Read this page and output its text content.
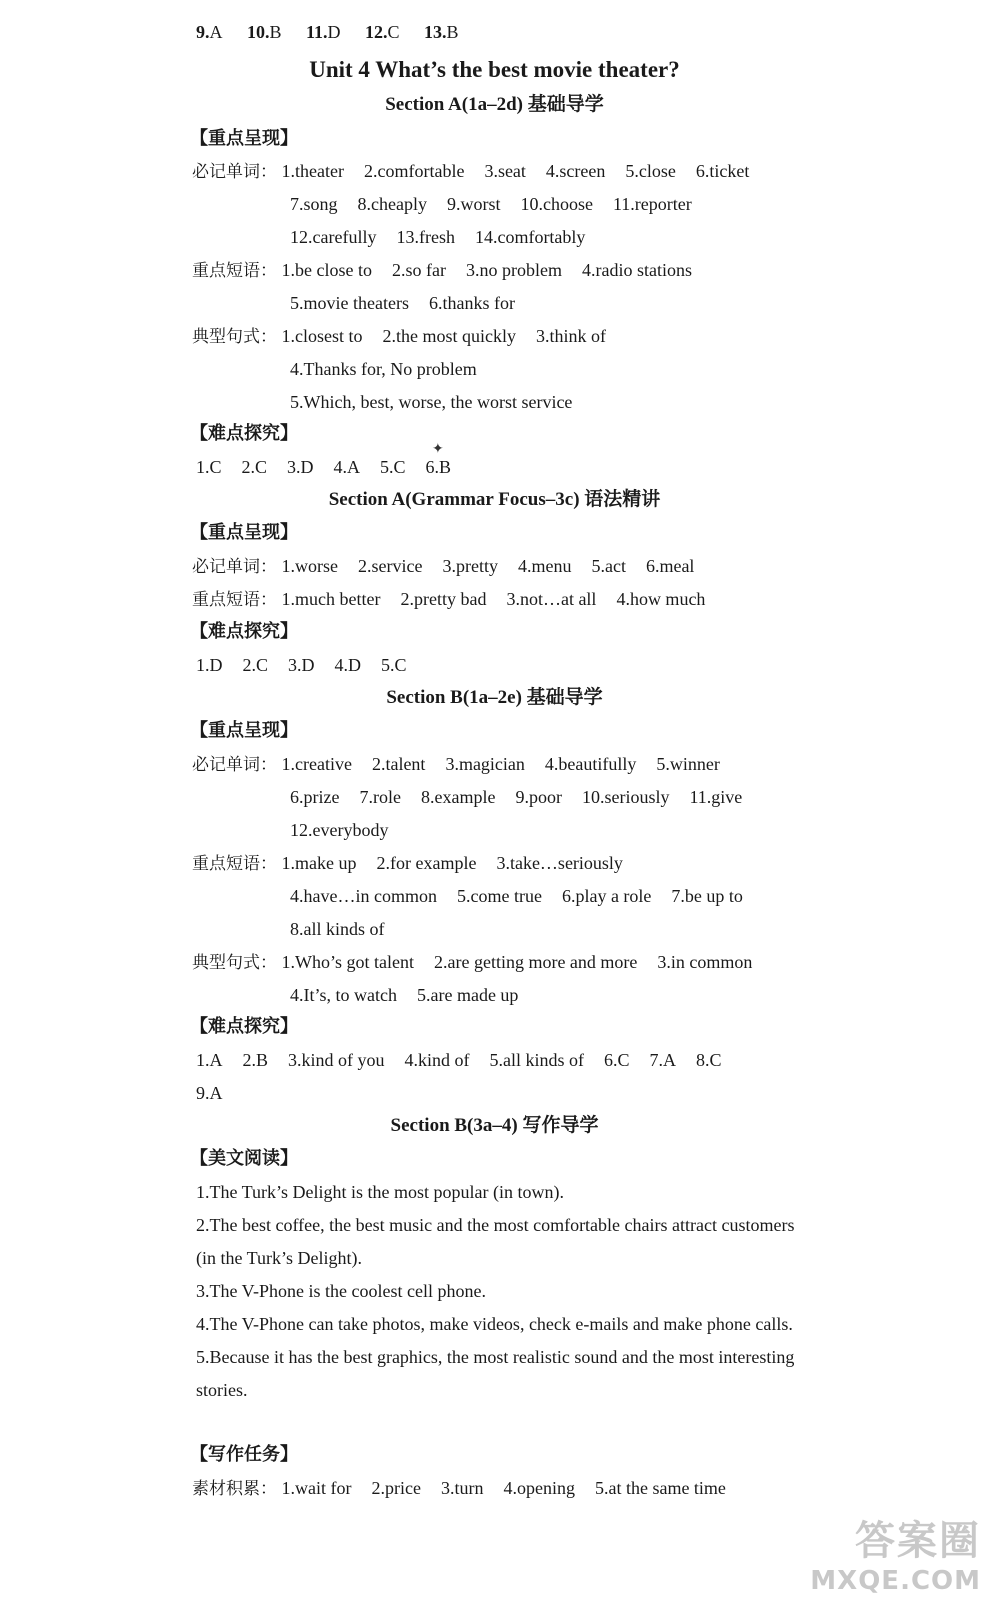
9.A 10.B 11.D 12.C 13.B
Unit 4 What’s the best movie theater?
Section A(1a–2d) 基础导学
【重点呈现】
必记单词： 1.theater 2.comfortable 3.seat 4.screen 5.close 6.ticket
7.song 8.cheaply 9.worst 10.choose 11.reporter
12.carefully 13.fresh 14.comfortably
重点短语： 1.be close to 2.so far 3.no problem 4.radio stations
5.movie theaters 6.thanks for
典型句式： 1.closest to 2.the most quickly 3.think of
4.Thanks for, No problem
5.Which, best, worse, the worst service
【难点探究】
✦
1.C 2.C 3.D 4.A 5.C 6.B
Section A(Grammar Focus–3c) 语法精讲
【重点呈现】
必记单词： 1.worse 2.service 3.pretty 4.menu 5.act 6.meal
重点短语： 1.much better 2.pretty bad 3.not…at all 4.how much
【难点探究】
1.D 2.C 3.D 4.D 5.C
Section B(1a–2e) 基础导学
【重点呈现】
必记单词： 1.creative 2.talent 3.magician 4.beautifully 5.winner
6.prize 7.role 8.example 9.poor 10.seriously 11.give
12.everybody
重点短语： 1.make up 2.for example 3.take…seriously
4.have…in common 5.come true 6.play a role 7.be up to
8.all kinds of
典型句式： 1.Who’s got talent 2.are getting more and more 3.in common
4.It’s, to watch 5.are made up
【难点探究】
1.A 2.B 3.kind of you 4.kind of 5.all kinds of 6.C 7.A 8.C
9.A
Section B(3a–4) 写作导学
【美文阅读】
1.The Turk’s Delight is the most popular (in town).
2.The best coffee, the best music and the most comfortable chairs attract customers (in the Turk’s Delight).
3.The V-Phone is the coolest cell phone.
4.The V-Phone can take photos, make videos, check e-mails and make phone calls.
5.Because it has the best graphics, the most realistic sound and the most interesting stories.
【写作任务】
素材积累： 1.wait for 2.price 3.turn 4.opening 5.at the same time
答案圈
MXQE.COM
